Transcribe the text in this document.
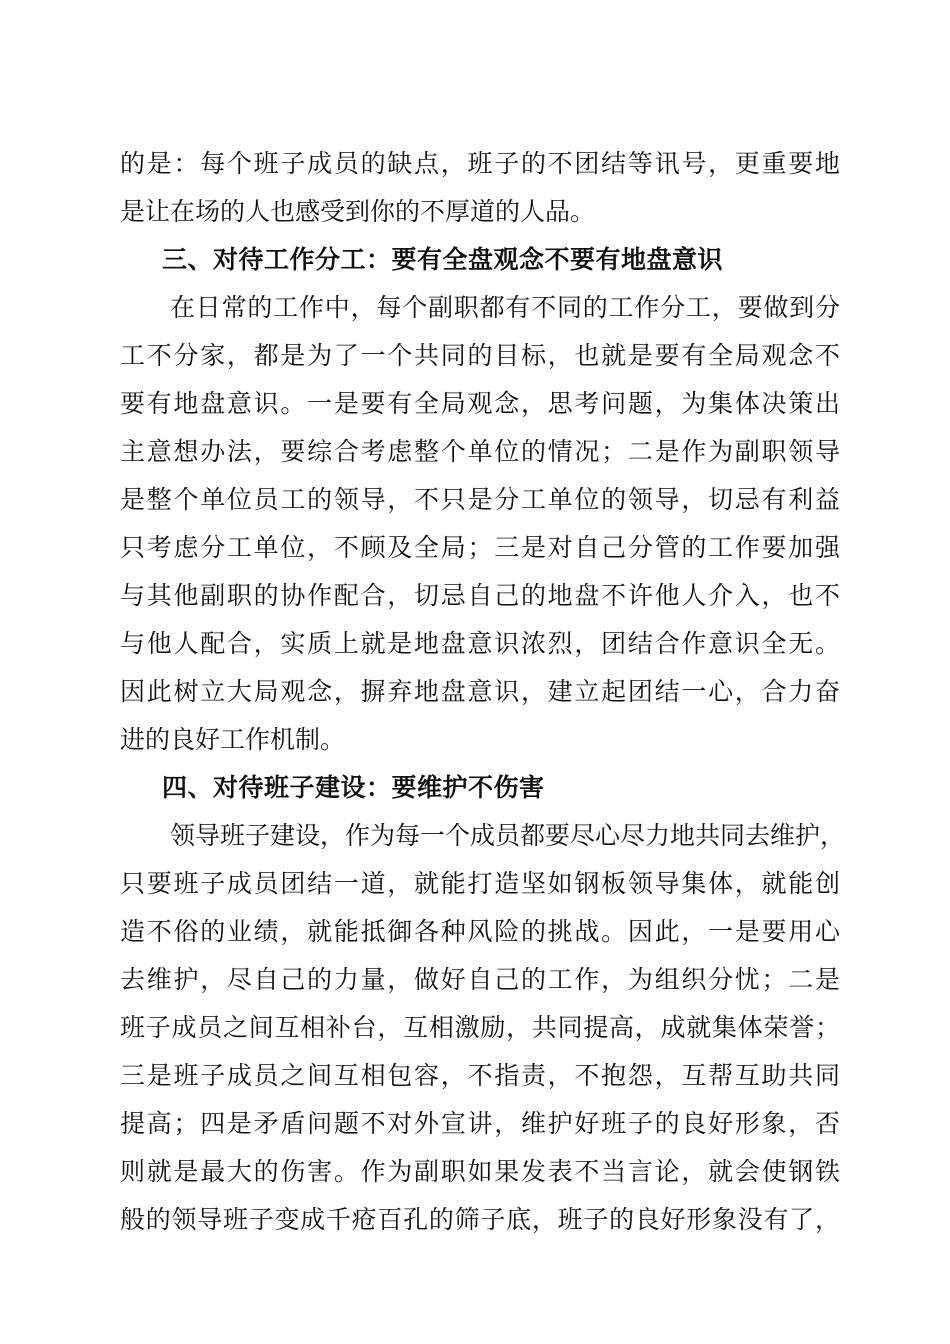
的是：每个班子成员的缺点，班子的不团结等讯号，更重要地
是让在场的人也感受到你的不厚道的人品。
三、对待工作分工：要有全盘观念不要有地盘意识
在日常的工作中，每个副职都有不同的工作分工，要做到分
工不分家，都是为了一个共同的目标，也就是要有全局观念不
要有地盘意识。一是要有全局观念，思考问题，为集体决策出
主意想办法，要综合考虑整个单位的情况；二是作为副职领导
是整个单位员工的领导，不只是分工单位的领导，切忌有利益
只考虑分工单位，不顾及全局；三是对自己分管的工作要加强
与其他副职的协作配合，切忌自己的地盘不许他人介入，也不
与他人配合，实质上就是地盘意识浓烈，团结合作意识全无。
因此树立大局观念，摒弃地盘意识，建立起团结一心，合力奋
进的良好工作机制。
四、对待班子建设：要维护不伤害
领导班子建设，作为每一个成员都要尽心尽力地共同去维护，
只要班子成员团结一道，就能打造坚如钢板领导集体，就能创
造不俗的业绩，就能抵御各种风险的挑战。因此，一是要用心
去维护，尽自己的力量，做好自己的工作，为组织分忧；二是
班子成员之间互相补台，互相激励，共同提高，成就集体荣誉；
三是班子成员之间互相包容，不指责，不抱怨，互帮互助共同
提高；四是矛盾问题不对外宣讲，维护好班子的良好形象，否
则就是最大的伤害。作为副职如果发表不当言论，就会使钢铁
般的领导班子变成千疮百孔的筛子底，班子的良好形象没有了，
